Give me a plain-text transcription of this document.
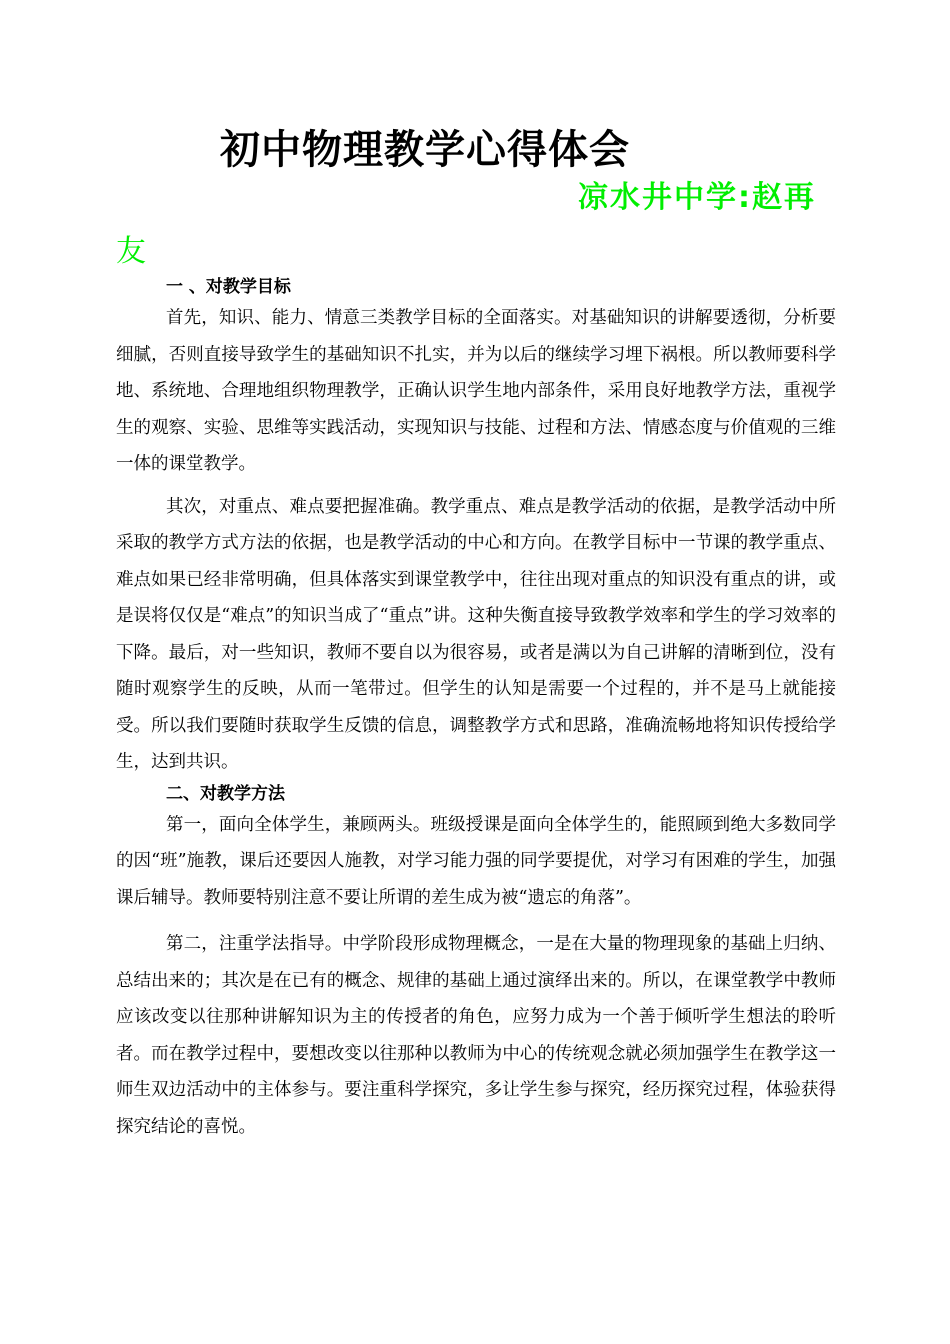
初中物理教学心得体会
凉水井中学:赵再
友
一 、对教学目标

首先，知识、能力、情意三类教学目标的全面落实。对基础知识的讲解要透彻，分析要细腻，否则直接导致学生的基础知识不扎实，并为以后的继续学习埋下祸根。所以教师要科学地、系统地、合理地组织物理教学，正确认识学生地内部条件，采用良好地教学方法，重视学生的观察、实验、思维等实践活动，实现知识与技能、过程和方法、情感态度与价值观的三维一体的课堂教学。

其次，对重点、难点要把握准确。教学重点、难点是教学活动的依据，是教学活动中所采取的教学方式方法的依据，也是教学活动的中心和方向。在教学目标中一节课的教学重点、难点如果已经非常明确，但具体落实到课堂教学中，往往出现对重点的知识没有重点的讲，或是误将仅仅是“难点”的知识当成了“重点”讲。这种失衡直接导致教学效率和学生的学习效率的下降。最后，对一些知识，教师不要自以为很容易，或者是满以为自己讲解的清晰到位，没有随时观察学生的反映，从而一笔带过。但学生的认知是需要一个过程的，并不是马上就能接受。所以我们要随时获取学生反馈的信息，调整教学方式和思路，准确流畅地将知识传授给学生，达到共识。

二、对教学方法

第一，面向全体学生，兼顾两头。班级授课是面向全体学生的，能照顾到绝大多数同学的因“班”施教，课后还要因人施教，对学习能力强的同学要提优，对学习有困难的学生，加强课后辅导。教师要特别注意不要让所谓的差生成为被“遗忘的角落”。

第二，注重学法指导。中学阶段形成物理概念，一是在大量的物理现象的基础上归纳、总结出来的；其次是在已有的概念、规律的基础上通过演绎出来的。所以，在课堂教学中教师应该改变以往那种讲解知识为主的传授者的角色，应努力成为一个善于倾听学生想法的聆听者。而在教学过程中，要想改变以往那种以教师为中心的传统观念就必须加强学生在教学这一师生双边活动中的主体参与。要注重科学探究，多让学生参与探究，经历探究过程，体验获得探究结论的喜悦。
